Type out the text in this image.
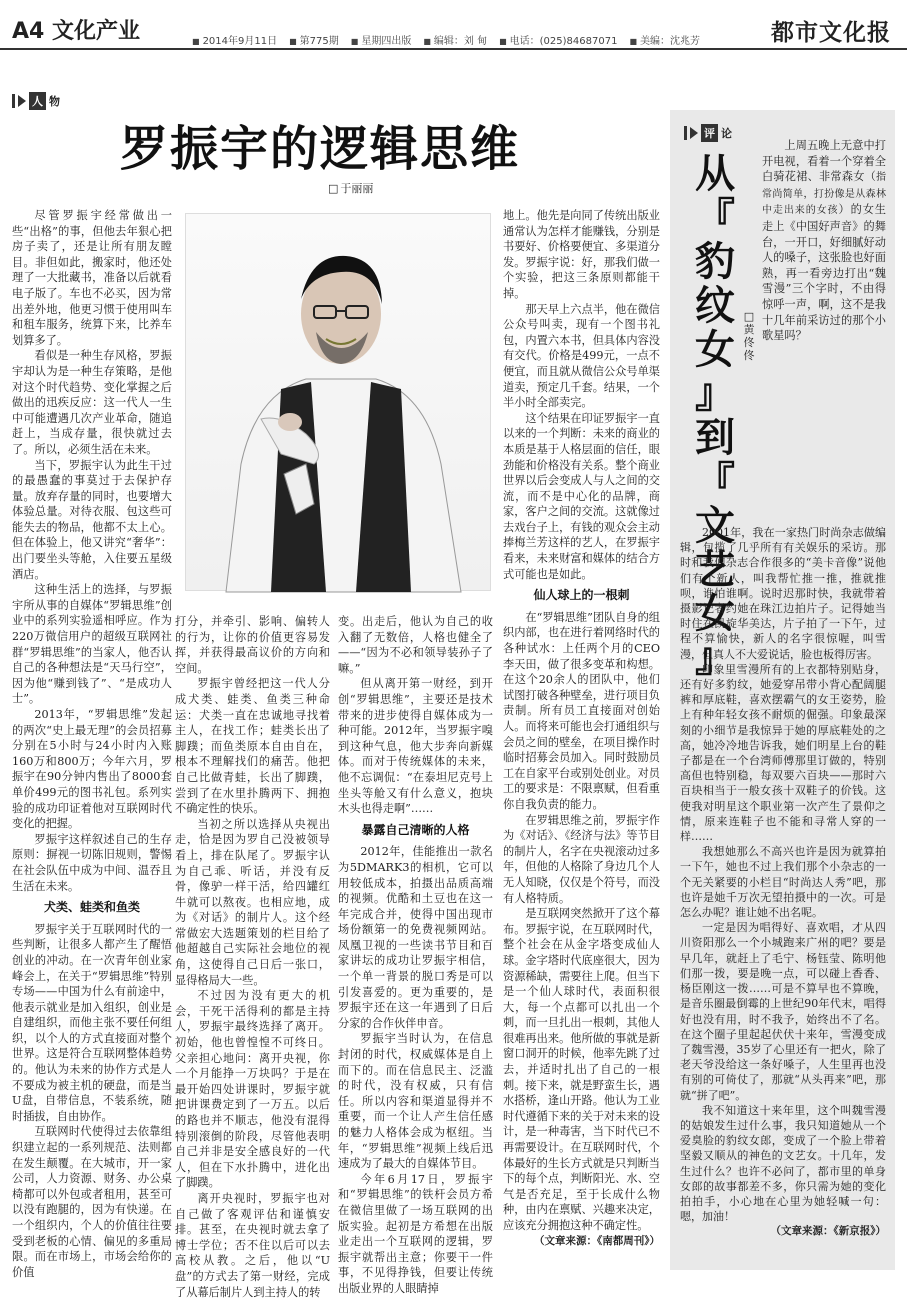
A4 文化产业	■ 2014年9月11日	■ 第775期	■ 星期四出版	■ 编辑：刘 甸	■ 电话：(025)84687071	■ 美编：沈兆芳	都市文化报
人 物
罗振宇的逻辑思维
□ 于丽丽

尽管罗振宇经常做出一些“出格”的事，但他去年狠心把房子卖了，还是让所有朋友瞠目。非但如此，搬家时，他还处理了一大批藏书，准备以后就看电子版了。车也不必买，因为常出差外地，他更习惯于使用叫车和租车服务，统算下来，比养车划算多了。

看似是一种生存风格，罗振宇却认为是一种生存策略，是他对这个时代趋势、变化掌握之后做出的迅疾反应：这一代人一生中可能遭遇几次产业革命，随追赶上，当成存量，很快就过去了。所以，必须生活在未来。

当下，罗振宇认为此生干过的最愚蠢的事莫过于去保护存量。放弃存量的同时，也要增大体验总量。对待衣服、包这些可能失去的物品，他都不太上心。但在体验上，他又讲究“奢华”：出门要坐头等舱，入住要五星级酒店。

这种生活上的选择，与罗振宇所从事的自媒体“罗辑思维”创业中的系列实验遥相呼应。作为220万微信用户的超级互联网社群“罗辑思维”的当家人，他否认自己的各种想法是“天马行空”，因为他“赚到钱了”、“是成功人士”。

2013年，“罗辑思维”发起的两次“史上最无理”的会员招募分别在5小时与24小时内入账160万和800万；今年六月，罗振宇在90分钟内售出了8000套单价499元的图书礼包。系列实验的成功印证着他对互联网时代变化的把握。

罗振宇这样叙述自己的生存原则：摒视一切陈旧规则，警惕在社会队伍中成为中间、温吞且生活在未来。

犬类、蛙类和鱼类

罗振宇关于互联网时代的一些判断，让很多人都产生了醒悟创业的冲动。在一次青年创业家峰会上，在关于“罗辑思维”特别专场——中国为什么有前途中，他表示就业是加入组织，创业是自建组织，而他主张不要任何组织，以个人的方式直接面对整个世界。这是符合互联网整体趋势的。他认为未来的协作方式是人不要成为被主机的硬盘，而是当U盘，自带信息，不装系统，随时插拔，自由协作。

互联网时代使得过去依靠组织建立起的一系列规范、法则都在发生颠覆。在大城市，开一家公司，人力资源、财务、办公桌椅都可以外包或者租用，甚至可以没有跑腿的，因为有快递。在一个组织内，个人的价值往往要受到老板的心情、偏见的多重局限。而在市场上，市场会给你的价值

打分，并牵引、影响、偏转人的行为，让你的价值更容易发挥，并获得最高议价的方向和空间。

罗振宇曾经把这一代人分成犬类、蛙类、鱼类三种命运：犬类一直在忠诚地寻找着主人，在找工作；蛙类长出了脚蹼；而鱼类原本自由自在，根本不理解找们的痛苦。他把自己比做青蛙，长出了脚蹼，尝到了在水里扑腾两下、拥抱不确定性的快乐。

当初之所以选择从央视出走，恰是因为罗自己没被领导看上，排在队尾了。罗振宇认为自己乖、听话，并没有反骨，像驴一样干活，给四罐红牛就可以熬夜。也相应地，成为《对话》的制片人。这个经常做宏大选题策划的栏目给了他超越自己实际社会地位的视角，这使得自己日后一张口，显得格局大一些。

不过因为没有更大的机会，干死干活得利的都是主持人，罗振宇最终选择了离开。初始，他也曾惶惶不可终日。父亲担心地问：离开央视，你一个月能挣一万块吗？于是在最开始四处讲课时，罗振宇就把讲课费定到了一万五。以后的路也并不顺志，他没有混得特别滚倒的阶段，尽管他表明自己并非是安全感良好的一代人，但在下水扑腾中，进化出了脚蹼。

离开央视时，罗振宇也对自己做了客观评估和谨慎安排。甚至，在央视时就去拿了博士学位；否不住以后可以去高校从教。之后，他以“U盘”的方式去了第一财经，完成了从幕后制片人到主持人的转

变。出走后，他认为自己的收入翻了无数倍，人格也健全了——“因为不必和领导装孙子了嘛。”

但从离开第一财经，到开创“罗辑思维”，主要还是技术带来的进步使得自媒体成为一种可能。2012年，当罗振宇嗅到这种气息，他大步奔向新媒体。而对于传统媒体的未来，他不忘调侃：“在泰坦尼克号上坐头等舱又有什么意义，抱块木头也得走啊”……

暴露自己清晰的人格

2012年，佳能推出一款名为5DMARK3的相机，它可以用较低成本，拍摄出品质高端的视频。优酷和土豆也在这一年完成合并，使得中国出现市场份额第一的免费视频网站。凤凰卫视的一些读书节目和百家讲坛的成功让罗振宇相信，一个单一背景的脱口秀是可以引发喜爱的。更为重要的，是罗振宇还在这一年遇到了日后分家的合作伙伴申音。

罗振宇当时认为，在信息封闭的时代，权威媒体是自上而下的。而在信息民主、泛滥的时代，没有权威，只有信任。所以内容和渠道显得并不重要，而一个让人产生信任感的魅力人格体会成为枢纽。当年，“罗辑思维”视频上线后迅速成为了最大的自媒体节目。

今年6月17日，罗振宇和“罗辑思维”的铁杆会员方希在微信里做了一场互联网的出版实验。起初是方希想在出版业走出一个互联网的逻辑，罗振宇就帮出主意；你要干一件事，不见得挣钱，但要让传统出版业界的人眼睛掉

地上。他先是向同了传统出版业通常认为怎样才能赚钱，分别是书要好、价格要便宜、多渠道分发。罗振宇说：好，那我们做一个实验，把这三条原则都能干掉。

那天早上六点半，他在微信公众号叫卖，现有一个图书礼包，内置六本书，但具体内容没有交代。价格是499元，一点不便宜，而且就从微信公众号单渠道卖，预定几千套。结果，一个半小时全部卖完。

这个结果在印证罗振宇一直以来的一个判断：未来的商业的本质是基于人格层面的信任，眼劲能和价格没有关系。整个商业世界以后会变成人与人之间的交流，而不是中心化的品牌，商家，客户之间的交流。这就像过去戏台子上，有钱的观众会主动捧梅兰芳这样的艺人，在罗振宇看来，未来财富和媒体的结合方式可能也是如此。

仙人球上的一根刺

在“罗辑思维”团队自身的组织内部，也在进行着网络时代的各种试水：上任两个月的CEO李天田，做了很多变革和构想。在这个20余人的团队中，他们试图打破各种壁垒，进行项目负责制。所有员工直接面对创始人。而将来可能也会打通组织与会员之间的壁垒，在项目操作时临时招募会员加入。同时鼓励员工在自家平台或别处创业。对员工的要求是：不限禀赋，但看重你自我负责的能力。

在罗辑思维之前，罗振宇作为《对话》、《经济与法》等节目的制片人，名字在央视滚动过多年，但他的人格除了身边几个人无人知晓，仅仅是个符号，而没有人格特质。

是互联网突然掀开了这个幕布。罗振宇说，在互联网时代，整个社会在从金字塔变成仙人球。金字塔时代底座很大，因为资源稀缺，需要往上爬。但当下是一个仙人球时代，表面积很大，每一个点都可以扎出一个刺，而一旦扎出一根刺，其他人很难再出来。他所做的事就是新窗口洞开的时候，他率先跳了过去，并适时扎出了自己的一根刺。接下来，就是野蛮生长，遇水搭桥，逢山开路。他认为工业时代遵循下来的关于对未来的设计，是一种毒害，当下时代已不再需要设计。在互联网时代，个体最好的生长方式就是只判断当下的每个点，判断阳光、水、空气是否充足，至于长成什么物种，由内在禀赋、兴趣来决定，应该充分拥抱这种不确定性。

（文章来源：《南都周刊》）

评 论
从
『
豹
纹
女
』
到
『
文
艺
女
』
□ 黄佟佟

上周五晚上无意中打开电视，看着一个穿着全白骑花裙、非常森女（指常尚简单，打扮像是从森林中走出来的女孩）的女生走上《中国好声音》的舞台，一开口，好细腻好动人的嗓子，这张脸也好面熟，再一看旁边打出“魏雪漫”三个字时，不由得惊呼一声，啊，这不是我十几年前采访过的那个小歌星吗？

2001年，我在一家热门时尚杂志做编辑，包揽了几乎所有有关娱乐的采访。那时和我们杂志合作很多的“美卡音像”说他们有个新人，叫我帮忙推一推，推就推呗，谁怕谁啊。说时迟那时快，我就带着摄影记者约她在珠江边拍片子。记得她当时住在凯旋华美达，片子拍了一下午，过程不算愉快，新人的名字很惊喔，叫雪漫，但真人不大爱说话，脸也板得厉害。

印象里雪漫所有的上衣都特别贴身，还有好多豹纹，她爱穿吊带小背心配阔腿裤和厚底鞋，喜欢摆霸气的女王姿势，脸上有种年轻女孩不耐烦的倔强。印象最深刻的小细节是我惊异于她的厚底鞋处的之高，她冷冷地告诉我，她们明星上台的鞋子都是在一个台湾师傅那里订做的，特别高但也特别稳，每双要六百块——那时六百块相当于一般女孩十双鞋子的价钱。这使我对明星这个职业第一次产生了景仰之情，原来连鞋子也不能和寻常人穿的一样……

我想她那么不高兴也许是因为就算拍一下午，她也不过上我们那个小杂志的一个无关紧要的小栏目“时尚达人秀”吧，那也许是她千万次无望拍摄中的一次。可是怎么办呢？谁让她不出名呢。

一定是因为唱得好、喜欢唱，才从四川资阳那么一个小城跑来广州的吧？要是早几年，就赶上了毛宁、杨钰莹、陈明他们那一拨，要是晚一点，可以碰上香香、杨臣刚这一拨……可是不算早也不算晚，是音乐圈最倒霉的上世纪90年代末，唱得好也没有用，时不我予，始终出不了名。在这个圈子里起起伏伏十来年，雪漫变成了魏雪漫，35岁了心里还有一把火，除了老天爷没给这一条好嗓子，人生里再也没有别的可倚仗了，那就“从头再来”吧，那就“拼了吧”。

我不知道这十来年里，这个叫魏雪漫的姑娘发生过什么事，我只知道她从一个爱臭脸的豹纹女郎，变成了一个脸上带着坚毅又顺从的神色的文艺女。十几年，发生过什么？也许不必问了，都市里的单身女郎的故事都差不多，你只需为她的变化拍拍手，小心地在心里为她轻喊一句：嗯，加油！

（文章来源：《新京报》）
